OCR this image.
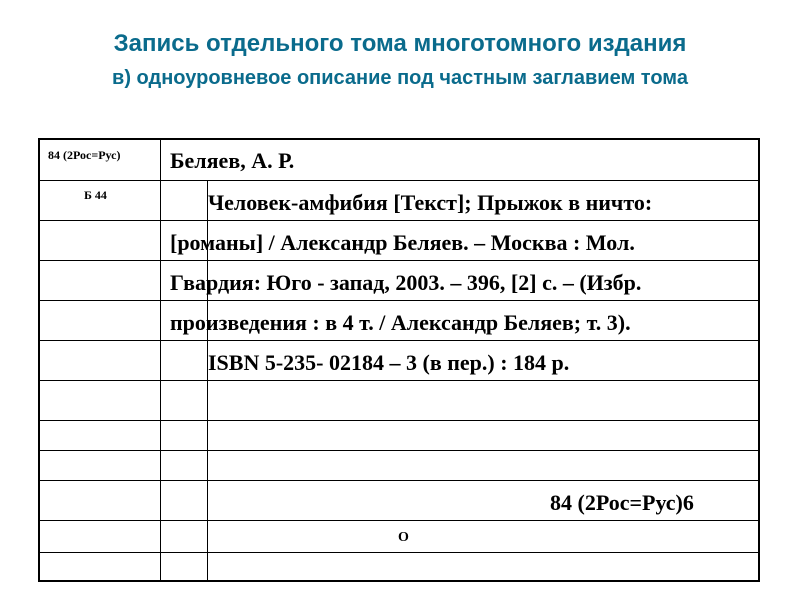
Запись отдельного тома многотомного издания
в) одноуровневое описание под частным заглавием тома
84 (2Рос=Рус)
Б 44
Беляев, А. Р.
Человек-амфибия [Текст]; Прыжок в ничто:
[романы] / Александр Беляев. – Москва : Мол.
Гвардия: Юго - запад, 2003. – 396, [2] с. – (Избр.
произведения : в 4 т. / Александр Беляев; т. 3).
ISBN 5-235- 02184 – 3 (в пер.) : 184 р.
84 (2Рос=Рус)6
О
